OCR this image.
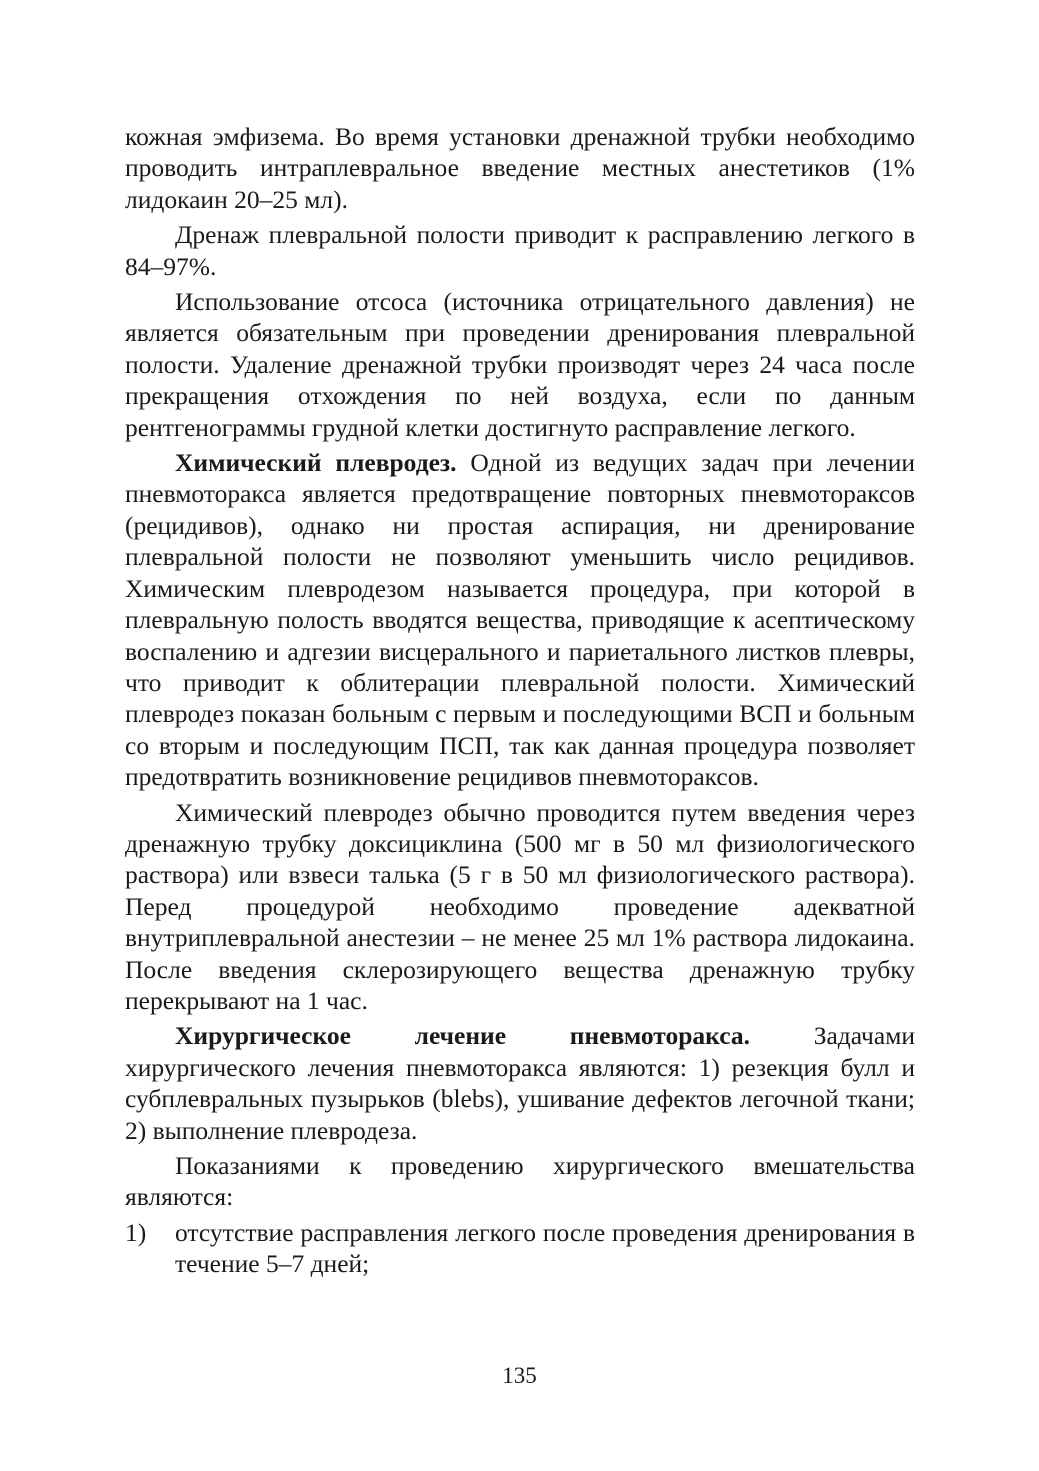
кожная эмфизема. Во время установки дренажной трубки необходимо проводить интраплевральное введение местных анестетиков (1% лидокаин 20–25 мл).

Дренаж плевральной полости приводит к расправлению легкого в 84–97%.

Использование отсоса (источника отрицательного давления) не является обязательным при проведении дренирования плевральной полости. Удаление дренажной трубки производят через 24 часа после прекращения отхождения по ней воздуха, если по данным рентгенограммы грудной клетки достигнуто расправление легкого.

Химический плевродез. Одной из ведущих задач при лечении пневмоторакса является предотвращение повторных пневмотораксов (рецидивов), однако ни простая аспирация, ни дренирование плевральной полости не позволяют уменьшить число рецидивов. Химическим плевродезом называется процедура, при которой в плевральную полость вводятся вещества, приводящие к асептическому воспалению и адгезии висцерального и париетального листков плевры, что приводит к облитерации плевральной полости. Химический плевродез показан больным с первым и последующими ВСП и больным со вторым и последующим ПСП, так как данная процедура позволяет предотвратить возникновение рецидивов пневмотораксов.

Химический плевродез обычно проводится путем введения через дренажную трубку доксициклина (500 мг в 50 мл физиологического раствора) или взвеси талька (5 г в 50 мл физиологического раствора). Перед процедурой необходимо проведение адекватной внутриплевральной анестезии – не менее 25 мл 1% раствора лидокаина. После введения склерозирующего вещества дренажную трубку перекрывают на 1 час.

Хирургическое лечение пневмоторакса. Задачами хирургического лечения пневмоторакса являются: 1) резекция булл и субплевральных пузырьков (blebs), ушивание дефектов легочной ткани; 2) выполнение плевродеза.

Показаниями к проведению хирургического вмешательства являются:

1)	отсутствие расправления легкого после проведения дренирования в течение 5–7 дней;
135
